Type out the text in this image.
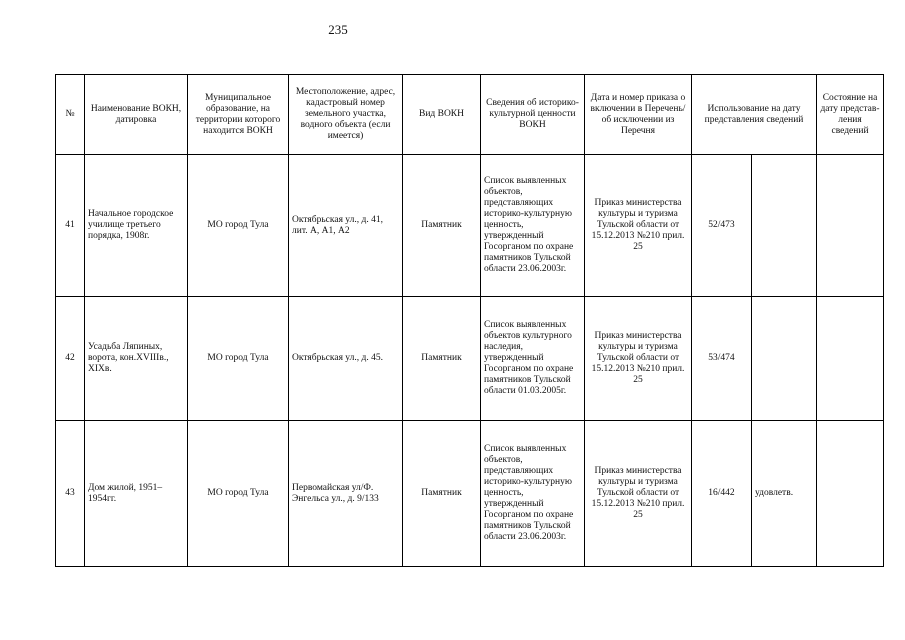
235
№	Наименование ВОКН, датировка	Муниципальное образование, на территории которого находится ВОКН	Местоположение, адрес, кадастровый номер земельного участка, водного объекта (если имеется)	Вид ВОКН	Сведения об историко-культурной ценности ВОКН	Дата и номер приказа о включении в Перечень/ об исключении из Перечня	Использование на дату представления сведений		Состояние на дату представ-ления сведений
41	Начальное городское училище третьего порядка, 1908г.	МО город Тула	Октябрьская ул., д. 41, лит. А, А1, А2	Памятник	Список выявленных объектов, представляющих историко-культурную ценность, утвержденный Госорганом по охране памятников Тульской области 23.06.2003г.	Приказ министерства культуры и туризма Тульской области от 15.12.2013 №210 прил. 25	52/473		
42	Усадьба Ляпиных, ворота, кон.XVIIIв., XIXв.	МО город Тула	Октябрьская ул., д. 45.	Памятник	Список выявленных объектов культурного наследия, утвержденный Госорганом по охране памятников Тульской области 01.03.2005г.	Приказ министерства культуры и туризма Тульской области от 15.12.2013 №210 прил. 25	53/474		
43	Дом жилой, 1951–1954гг.	МО город Тула	Первомайская ул/Ф. Энгельса ул., д. 9/133	Памятник	Список выявленных объектов, представляющих историко-культурную ценность, утвержденный Госорганом по охране памятников Тульской области 23.06.2003г.	Приказ министерства культуры и туризма Тульской области от 15.12.2013 №210 прил. 25	16/442	удовлетв.	
